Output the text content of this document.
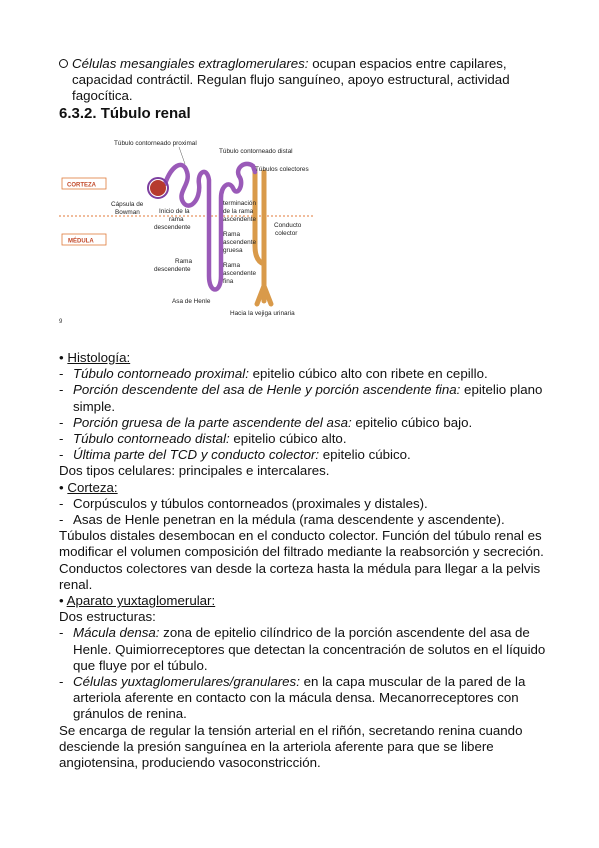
Células mesangiales extraglomerulares: ocupan espacios entre capilares, capacidad contráctil. Regulan flujo sanguíneo, apoyo estructural, actividad fagocítica.
6.3.2. Túbulo renal
CORTEZA
MÉDULA
Túbulo contorneado proximal
Túbulo contorneado distal
Túbulos colectores
Cápsula de
Bowman	Inicio de la
rama
descendente
terminación
de la rama
ascendente
Conducto
colector
Rama
ascendente
gruesa
Rama
descendente
Rama
ascendente
fina
Asa de Henle
Hacia la vejiga urinaria
9
• Histología:
- Túbulo contorneado proximal: epitelio cúbico alto con ribete en cepillo.
- Porción descendente del asa de Henle y porción ascendente fina: epitelio plano simple.
- Porción gruesa de la parte ascendente del asa: epitelio cúbico bajo.
- Túbulo contorneado distal: epitelio cúbico alto.
- Última parte del TCD y conducto colector: epitelio cúbico.
Dos tipos celulares: principales e intercalares.
• Corteza:
- Corpúsculos y túbulos contorneados (proximales y distales).
- Asas de Henle penetran en la médula (rama descendente y ascendente).
Túbulos distales desembocan en el conducto colector. Función del túbulo renal es modificar el volumen composición del filtrado mediante la reabsorción y secreción. Conductos colectores van desde la corteza hasta la médula para llegar a la pelvis renal.
• Aparato yuxtaglomerular:
Dos estructuras:
- Mácula densa: zona de epitelio cilíndrico de la porción ascendente del asa de Henle. Quimiorreceptores que detectan la concentración de solutos en el líquido que fluye por el túbulo.
- Células yuxtaglomerulares/granulares: en la capa muscular de la pared de la arteriola aferente en contacto con la mácula densa. Mecanorreceptores con gránulos de renina.
Se encarga de regular la tensión arterial en el riñón, secretando renina cuando desciende la presión sanguínea en la arteriola aferente para que se libere angiotensina, produciendo vasoconstricción.
